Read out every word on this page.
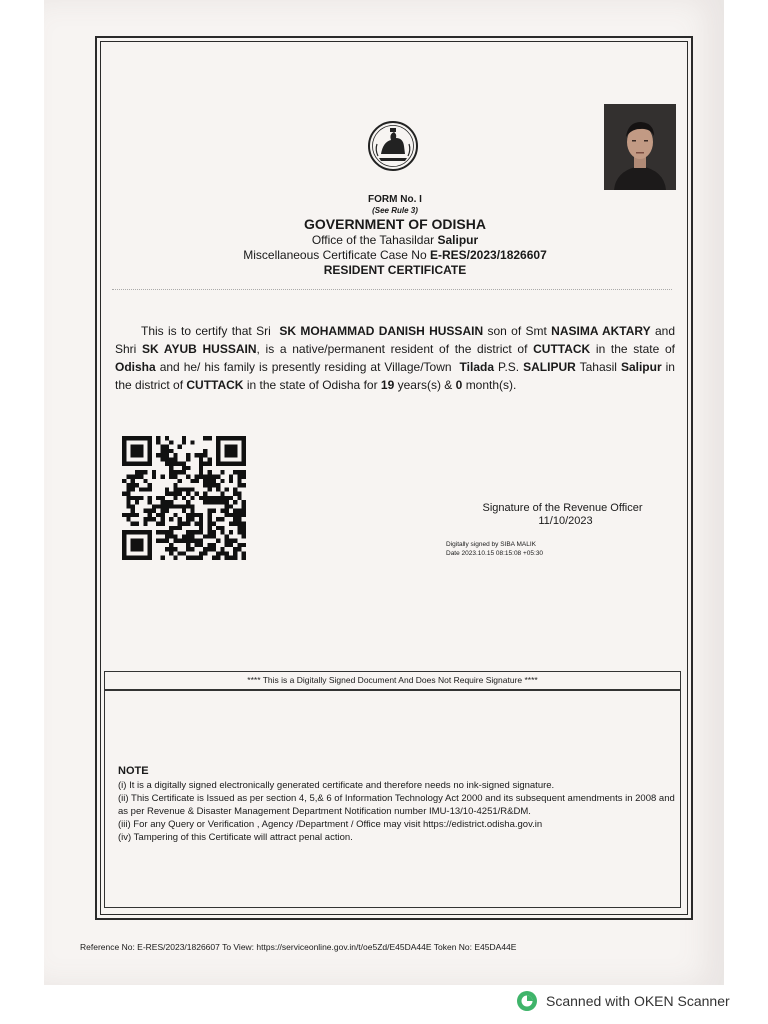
FORM No. I
(See Rule 3)
GOVERNMENT OF ODISHA
Office of the Tahasildar Salipur
Miscellaneous Certificate Case No E-RES/2023/1826607
RESIDENT CERTIFICATE
This is to certify that Sri SK MOHAMMAD DANISH HUSSAIN son of Smt NASIMA AKTARY and Shri SK AYUB HUSSAIN, is a native/permanent resident of the district of CUTTACK in the state of Odisha and he/ his family is presently residing at Village/Town Tilada P.S. SALIPUR Tahasil Salipur in the district of CUTTACK in the state of Odisha for 19 years(s) & 0 month(s).
Signature of the Revenue Officer
11/10/2023
Digitally signed by SIBA MALIK
Date 2023.10.15 08:15:08 +05:30
**** This is a Digitally Signed Document And Does Not Require Signature ****
NOTE
(i) It is a digitally signed electronically generated certificate and therefore needs no ink-signed signature.
(ii) This Certificate is Issued as per section 4, 5,& 6 of Information Technology Act 2000 and its subsequent amendments in 2008 and as per Revenue & Disaster Management Department Notification number IMU-13/10-4251/R&DM.
(iii) For any Query or Verification , Agency /Department / Office may visit https://edistrict.odisha.gov.in
(iv) Tampering of this Certificate will attract penal action.
Reference No: E-RES/2023/1826607 To View: https://serviceonline.gov.in/t/oe5Zd/E45DA44E Token No: E45DA44E
Scanned with OKEN Scanner
